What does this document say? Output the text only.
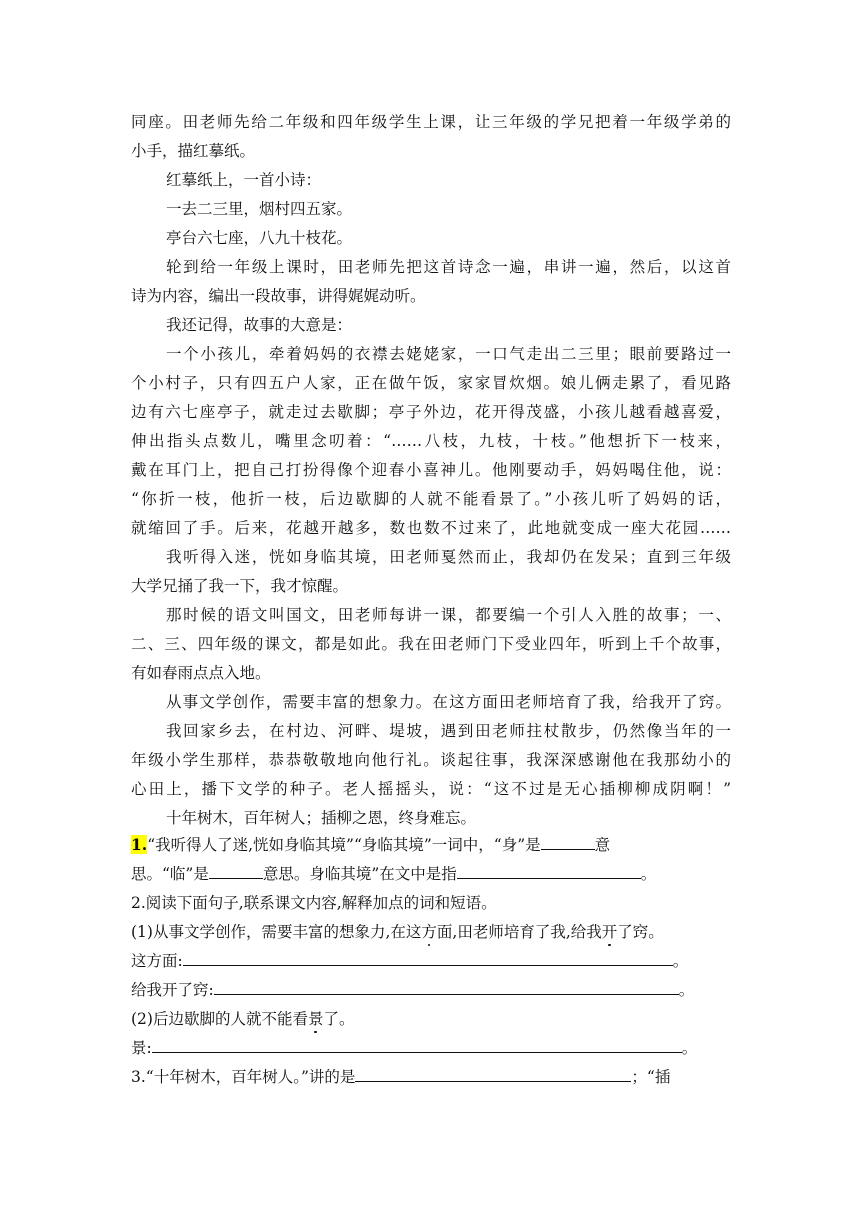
同座。田老师先给二年级和四年级学生上课，让三年级的学兄把着一年级学弟的
小手，描红摹纸。
红摹纸上，一首小诗：
一去二三里，烟村四五家。
亭台六七座，八九十枝花。
轮到给一年级上课时，田老师先把这首诗念一遍，串讲一遍，然后，以这首
诗为内容，编出一段故事，讲得娓娓动听。
我还记得，故事的大意是：
一个小孩儿，牵着妈妈的衣襟去姥姥家，一口气走出二三里；眼前要路过一
个小村子，只有四五户人家，正在做午饭，家家冒炊烟。娘儿俩走累了，看见路
边有六七座亭子，就走过去歇脚；亭子外边，花开得茂盛，小孩儿越看越喜爱，
伸出指头点数儿，嘴里念叨着：“……八枝，九枝，十枝。”他想折下一枝来，
戴在耳门上，把自己打扮得像个迎春小喜神儿。他刚要动手，妈妈喝住他，说：
“你折一枝，他折一枝，后边歇脚的人就不能看景了。”小孩儿听了妈妈的话，
就缩回了手。后来，花越开越多，数也数不过来了，此地就变成一座大花园……
我听得入迷，恍如身临其境，田老师戛然而止，我却仍在发呆；直到三年级
大学兄捅了我一下，我才惊醒。
那时候的语文叫国文，田老师每讲一课，都要编一个引人入胜的故事；一、
二、三、四年级的课文，都是如此。我在田老师门下受业四年，听到上千个故事，
有如春雨点点入地。
从事文学创作，需要丰富的想象力。在这方面田老师培育了我，给我开了窍。
我回家乡去，在村边、河畔、堤坡，遇到田老师拄杖散步，仍然像当年的一
年级小学生那样，恭恭敬敬地向他行礼。谈起往事，我深深感谢他在我那幼小的
心田上，播下文学的种子。老人摇摇头，说：“这不过是无心插柳柳成阴啊！”
十年树木，百年树人；插柳之恩，终身难忘。
1.“我听得人了迷,恍如身临其境”“身临其境”一词中，“身”是	意
思。“临”是	意思。身临其境”在文中是指	。
2.阅读下面句子,联系课文内容,解释加点的词和短语。
(1)从事文学创作，需要丰富的想象力,在这方面,田老师培育了我,给我开了窍。
这方面:	。
给我开了窍:	。
(2)后边歇脚的人就不能看景了。
景:	。
3.“十年树木，百年树人。”讲的是	；“插
